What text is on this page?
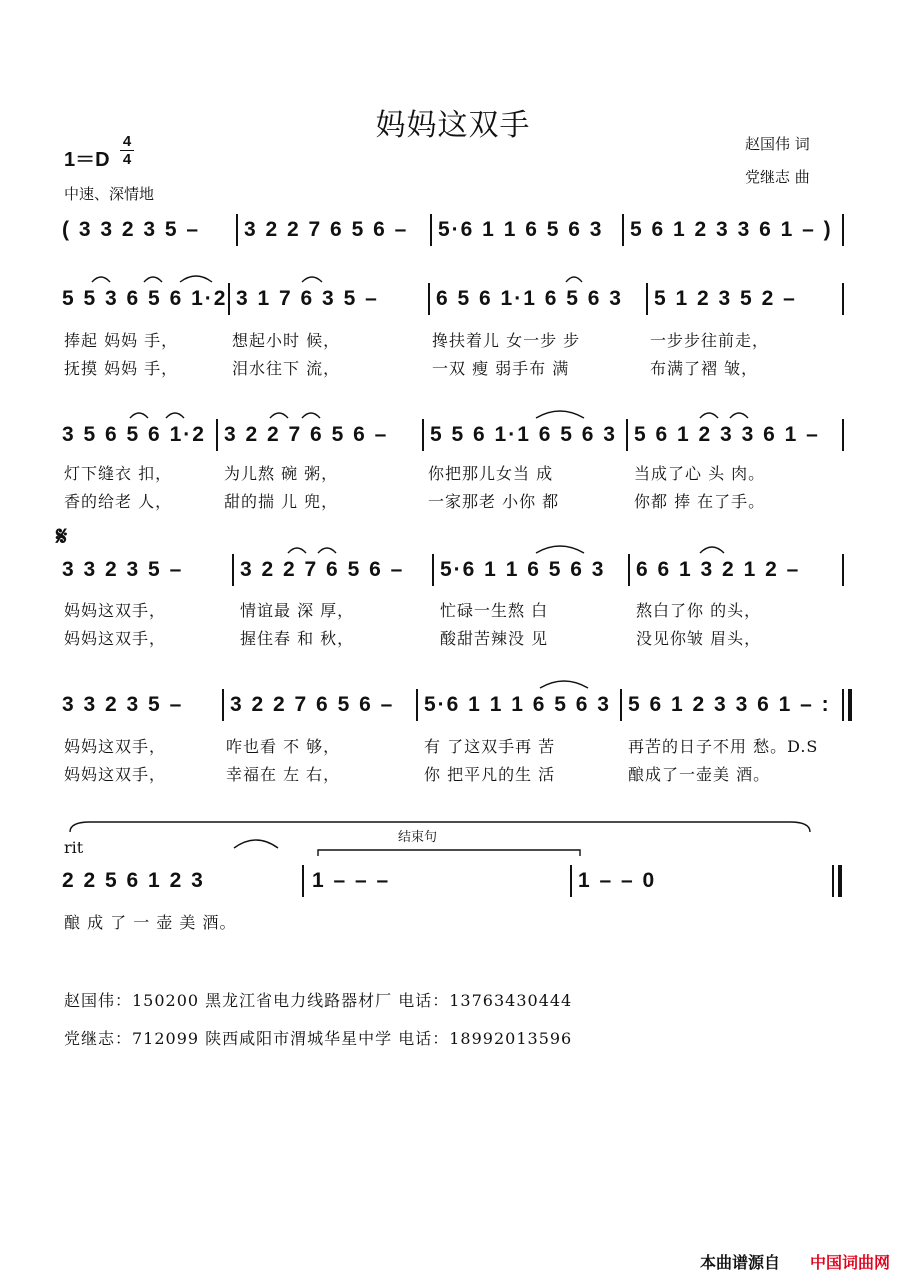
妈妈这双手
赵国伟 词
党继志 曲
1＝D
4
4
中速、深情地
( 3 3 2 3 5 – 3 2 2 7 6 5 6 – 5·6 1 1 6 5 6 3 5 6 1 2 3 3 6 1 – )
5 5 3 6 5 6 1·2 3 1 7 6 3 5 –	6 5 6 1·1 6 5 6 3 5 1 2 3 5 2 –
捧起 妈妈 手，	想起小时 候，	搀扶着儿 女一步 步	一步步往前走，
抚摸 妈妈 手，	泪水往下 流，	一双 瘦 弱手布 满	布满了褶 皱，
3 5 6 5 6 1·2 3 2 2 7 6 5 6 – 5 5 6 1·1 6 5 6 3 5 6 1 2 3 3 6 1 –
灯下缝衣 扣，	为儿熬 碗 粥，	你把那儿女当 成	当成了心 头 肉。
香的给老 人，	甜的揣 儿 兜，	一家那老 小你 都	你都 捧 在了手。
𝄋
3 3 2 3 5 –	3 2 2 7 6 5 6 – 5·6 1 1 6 5 6 3 6 6 1 3 2 1 2 –
妈妈这双手，	情谊最 深 厚，	忙碌一生熬 白	熬白了你 的头，
妈妈这双手，	握住春 和 秋，	酸甜苦辣没 见	没见你皱 眉头，
3 3 2 3 5 – 3 2 2 7 6 5 6 – 5·6 1 1 1 6 5 6 3 5 6 1 2 3 3 6 1 – :
妈妈这双手，	咋也看 不 够，	有 了这双手再 苦	再苦的日子不用 愁。D.S
妈妈这双手，	幸福在 左 右，	你 把平凡的生 活	酿成了一壶美 酒。
结束句
rit
2 2 5 6 1 2 3	1 – – –	1 – – 0
酿 成 了 一 壶 美 酒。
赵国伟：150200 黑龙江省电力线路器材厂 电话：13763430444
党继志：712099 陕西咸阳市渭城华星中学 电话：18992013596
本曲谱源自 中国词曲网
